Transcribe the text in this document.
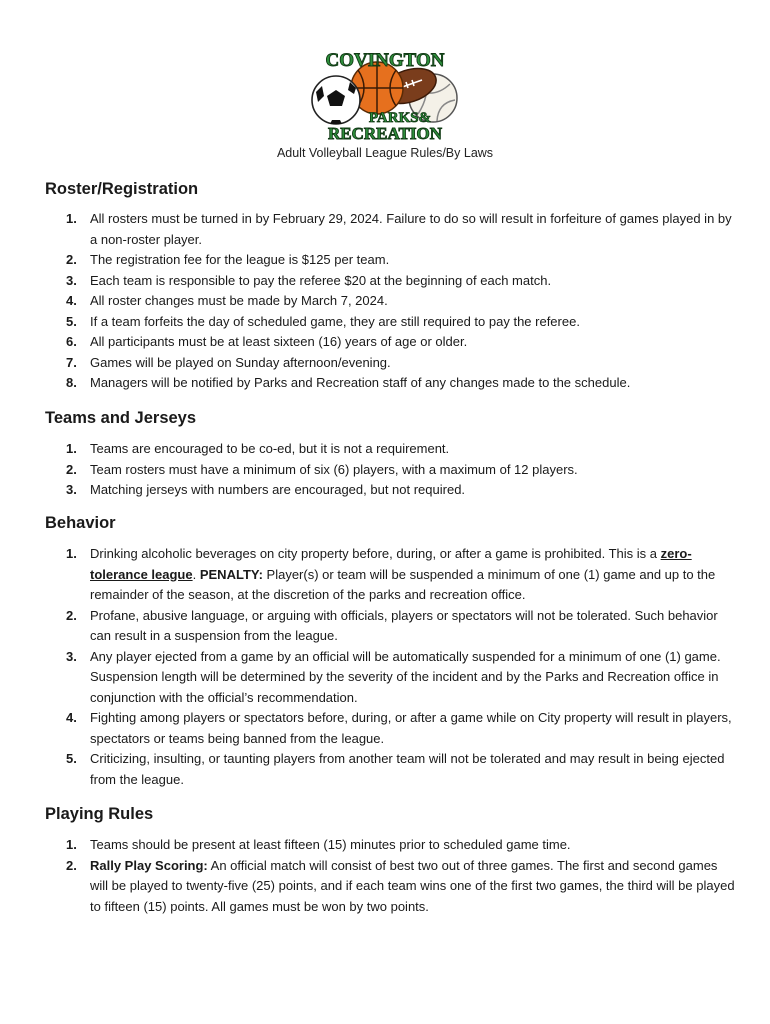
COVINGTON
PARKS&
RECREATION
Adult Volleyball League Rules/By Laws
Roster/Registration
1. All rosters must be turned in by February 29, 2024. Failure to do so will result in forfeiture of games played in by a non-roster player.
2. The registration fee for the league is $125 per team.
3. Each team is responsible to pay the referee $20 at the beginning of each match.
4. All roster changes must be made by March 7, 2024.
5. If a team forfeits the day of scheduled game, they are still required to pay the referee.
6. All participants must be at least sixteen (16) years of age or older.
7. Games will be played on Sunday afternoon/evening.
8. Managers will be notified by Parks and Recreation staff of any changes made to the schedule.
Teams and Jerseys
1. Teams are encouraged to be co-ed, but it is not a requirement.
2. Team rosters must have a minimum of six (6) players, with a maximum of 12 players.
3. Matching jerseys with numbers are encouraged, but not required.
Behavior
1. Drinking alcoholic beverages on city property before, during, or after a game is prohibited. This is a zero-tolerance league. PENALTY: Player(s) or team will be suspended a minimum of one (1) game and up to the remainder of the season, at the discretion of the parks and recreation office.
2. Profane, abusive language, or arguing with officials, players or spectators will not be tolerated. Such behavior can result in a suspension from the league.
3. Any player ejected from a game by an official will be automatically suspended for a minimum of one (1) game. Suspension length will be determined by the severity of the incident and by the Parks and Recreation office in conjunction with the official’s recommendation.
4. Fighting among players or spectators before, during, or after a game while on City property will result in players, spectators or teams being banned from the league.
5. Criticizing, insulting, or taunting players from another team will not be tolerated and may result in being ejected from the league.
Playing Rules
1. Teams should be present at least fifteen (15) minutes prior to scheduled game time.
2. Rally Play Scoring: An official match will consist of best two out of three games. The first and second games will be played to twenty-five (25) points, and if each team wins one of the first two games, the third will be played to fifteen (15) points. All games must be won by two points.
